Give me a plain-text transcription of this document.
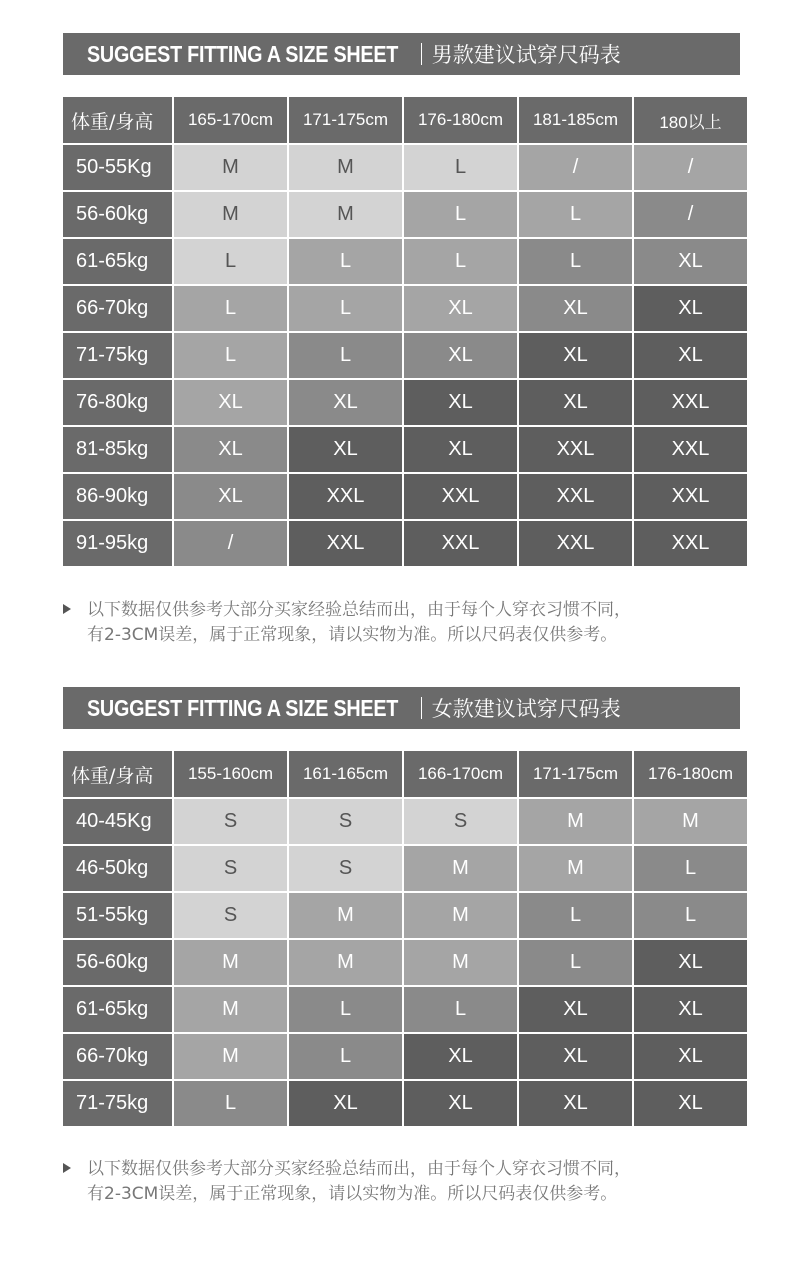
SUGGEST FITTING A SIZE SHEET 男款建议试穿尺码表
体重/身高	165-170cm	171-175cm	176-180cm	181-185cm	180以上
50-55Kg	M	M	L	/	/
56-60kg	M	M	L	L	/
61-65kg	L	L	L	L	XL
66-70kg	L	L	XL	XL	XL
71-75kg	L	L	XL	XL	XL
76-80kg	XL	XL	XL	XL	XXL
81-85kg	XL	XL	XL	XXL	XXL
86-90kg	XL	XXL	XXL	XXL	XXL
91-95kg	/	XXL	XXL	XXL	XXL
以下数据仅供参考大部分买家经验总结而出，由于每个人穿衣习惯不同，
有2-3CM误差，属于正常现象，请以实物为准。所以尺码表仅供参考。
SUGGEST FITTING A SIZE SHEET 女款建议试穿尺码表
体重/身高	155-160cm	161-165cm	166-170cm	171-175cm	176-180cm
40-45Kg	S	S	S	M	M
46-50kg	S	S	M	M	L
51-55kg	S	M	M	L	L
56-60kg	M	M	M	L	XL
61-65kg	M	L	L	XL	XL
66-70kg	M	L	XL	XL	XL
71-75kg	L	XL	XL	XL	XL
以下数据仅供参考大部分买家经验总结而出，由于每个人穿衣习惯不同，
有2-3CM误差，属于正常现象，请以实物为准。所以尺码表仅供参考。
